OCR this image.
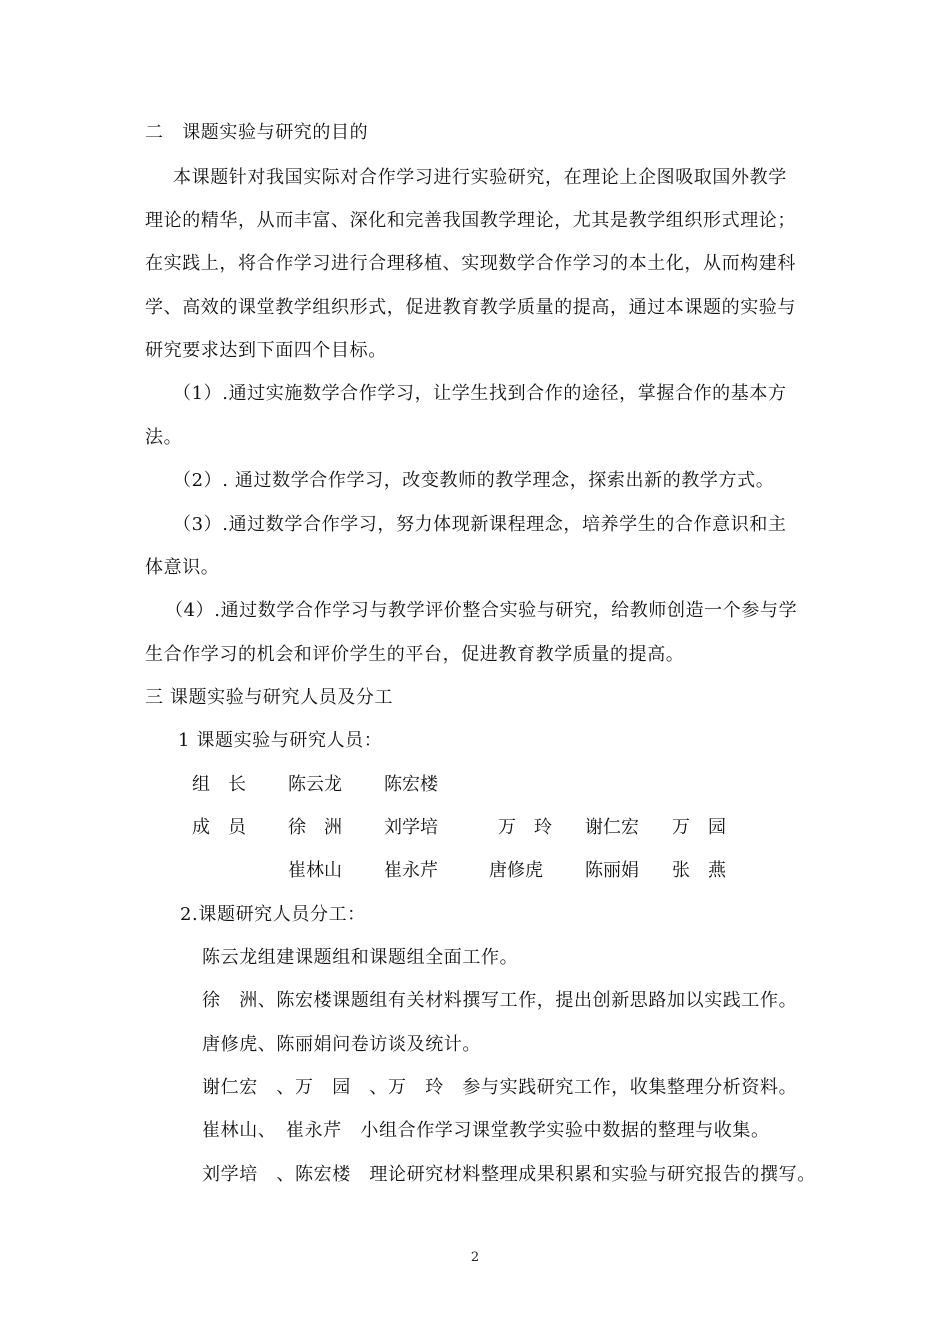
二　课题实验与研究的目的
本课题针对我国实际对合作学习进行实验研究，在理论上企图吸取国外教学
理论的精华，从而丰富、深化和完善我国教学理论，尤其是教学组织形式理论；
在实践上，将合作学习进行合理移植、实现数学合作学习的本土化，从而构建科
学、高效的课堂教学组织形式，促进教育教学质量的提高，通过本课题的实验与
研究要求达到下面四个目标。
（1）.通过实施数学合作学习，让学生找到合作的途径，掌握合作的基本方
法。
（2）. 通过数学合作学习，改变教师的教学理念，探索出新的教学方式。
（3）.通过数学合作学习，努力体现新课程理念，培养学生的合作意识和主
体意识。
（4）.通过数学合作学习与教学评价整合实验与研究，给教师创造一个参与学
生合作学习的机会和评价学生的平台，促进教育教学质量的提高。
三 课题实验与研究人员及分工
1 课题实验与研究人员：
组　长 陈云龙 陈宏楼
成　员 徐　洲 刘学培	万　玲 谢仁宏 万　园
崔林山 崔永芹	唐修虎 陈丽娟 张　燕
2.课题研究人员分工：
陈云龙组建课题组和课题组全面工作。
徐　洲、陈宏楼课题组有关材料撰写工作，提出创新思路加以实践工作。
唐修虎、陈丽娟问卷访谈及统计。
谢仁宏　、万　园　、万　玲　参与实践研究工作，收集整理分析资料。
崔林山、　崔永芹　小组合作学习课堂教学实验中数据的整理与收集。
刘学培　、陈宏楼　理论研究材料整理成果积累和实验与研究报告的撰写。
2
